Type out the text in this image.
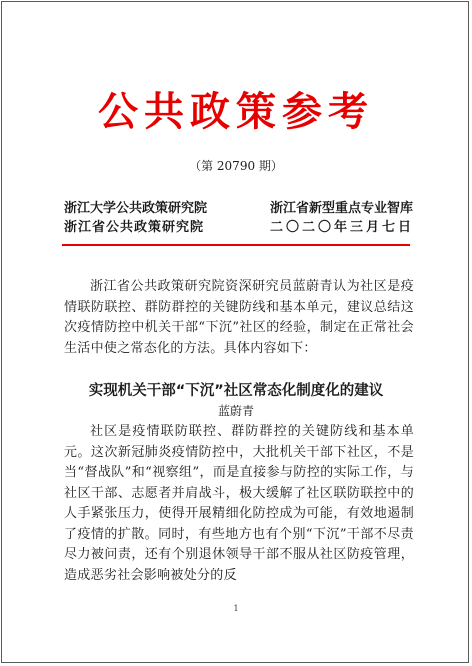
公共政策参考
（第 20790 期）
浙江大学公共政策研究院
浙江省公共政策研究院
浙江省新型重点专业智库
二〇二〇年三月七日

浙江省公共政策研究院资深研究员蓝蔚青认为社区是疫情联防联控、群防群控的关键防线和基本单元，建议总结这次疫情防控中机关干部“下沉”社区的经验，制定在正常社会生活中使之常态化的方法。具体内容如下：

实现机关干部“下沉”社区常态化制度化的建议
蓝蔚青

社区是疫情联防联控、群防群控的关键防线和基本单元。这次新冠肺炎疫情防控中，大批机关干部下社区，不是当“督战队”和“视察组”，而是直接参与防控的实际工作，与社区干部、志愿者并肩战斗，极大缓解了社区联防联控中的人手紧张压力，使得开展精细化防控成为可能，有效地遏制了疫情的扩散。同时，有些地方也有个别“下沉”干部不尽责尽力被问责，还有个别退休领导干部不服从社区防疫管理，造成恶劣社会影响被处分的反

1
